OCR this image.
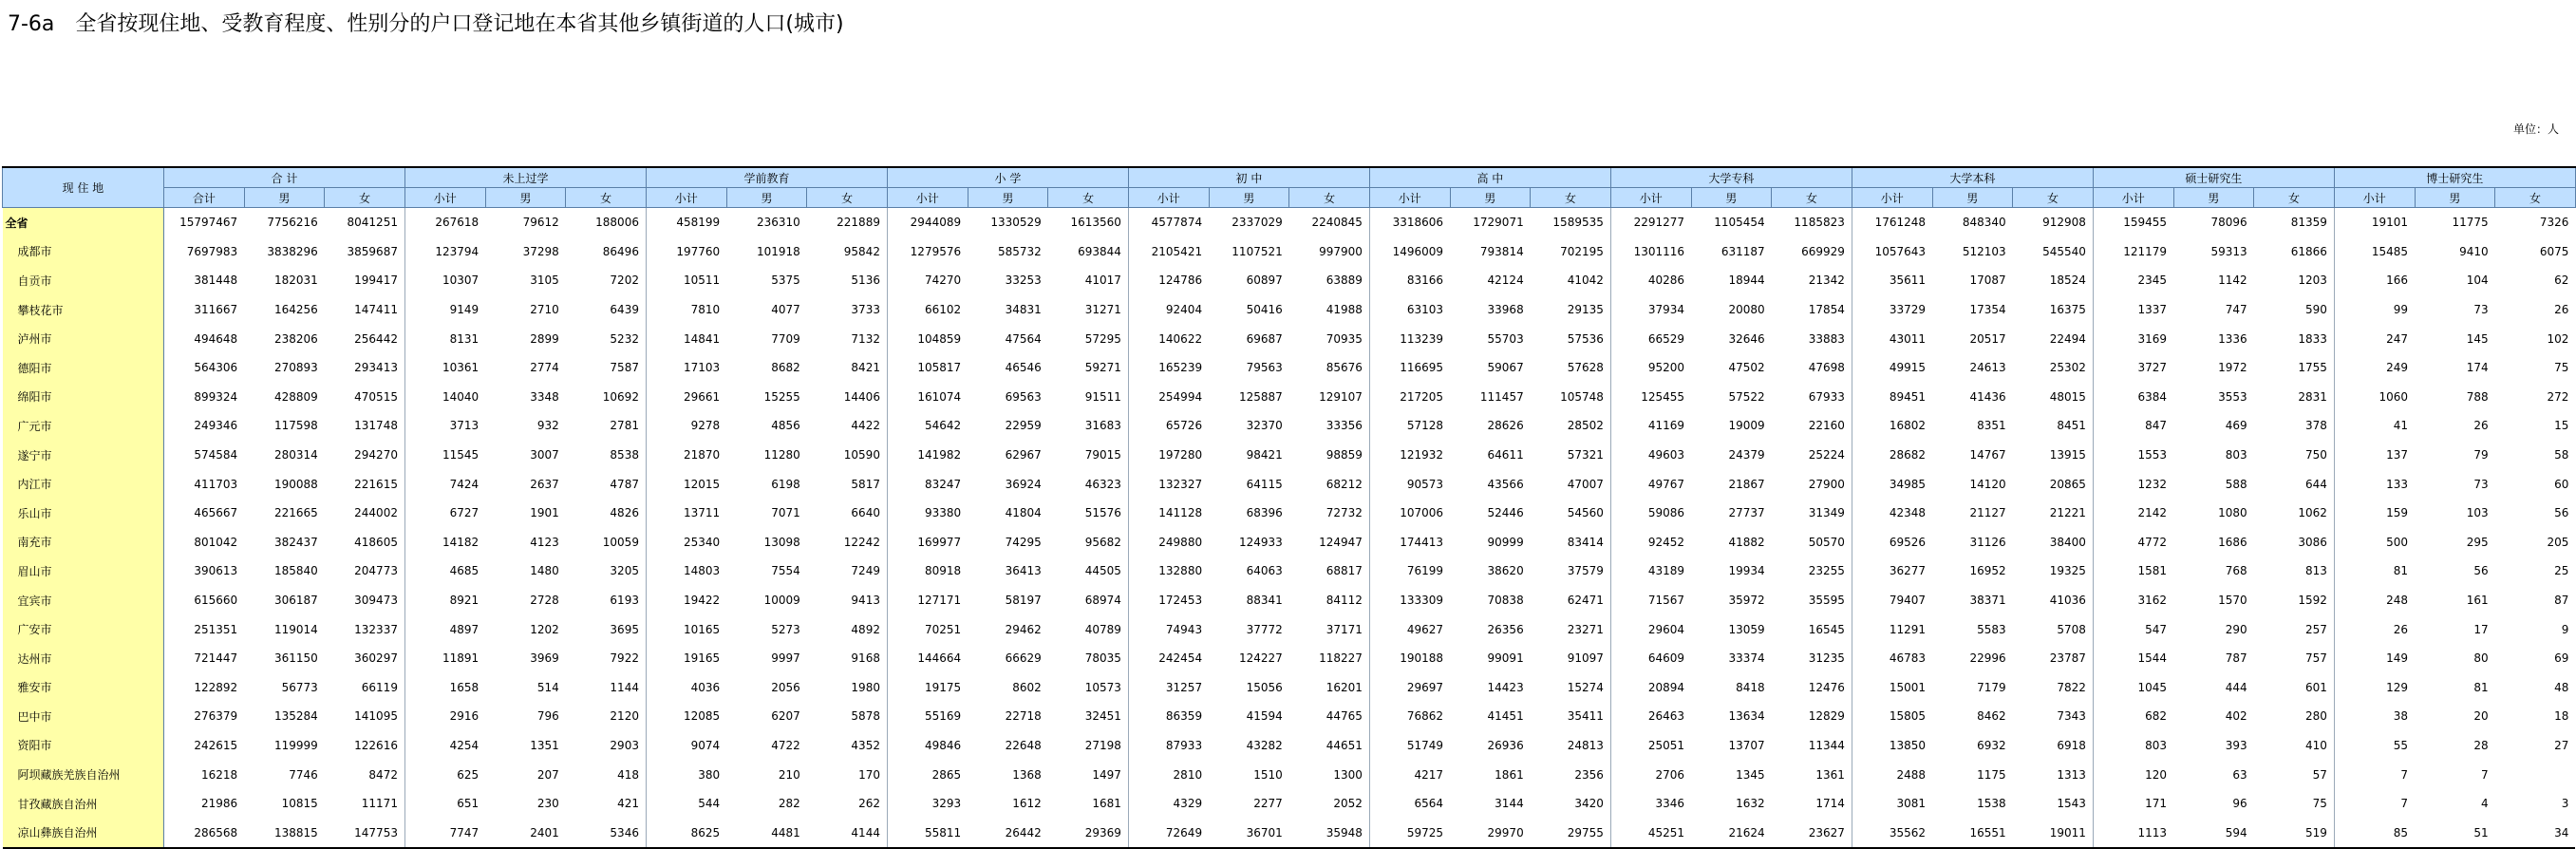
7-6a　全省按现住地、受教育程度、性别分的户口登记地在本省其他乡镇街道的人口(城市)
单位：人
现 住 地	合 计			未上过学			学前教育			小 学			初 中			高 中			大学专科			大学本科			硕士研究生			博士研究生		
	合计	男	女	小计	男	女	小计	男	女	小计	男	女	小计	男	女	小计	男	女	小计	男	女	小计	男	女	小计	男	女	小计	男	女
全省	15797467	7756216	8041251	267618	79612	188006	458199	236310	221889	2944089	1330529	1613560	4577874	2337029	2240845	3318606	1729071	1589535	2291277	1105454	1185823	1761248	848340	912908	159455	78096	81359	19101	11775	7326
成都市	7697983	3838296	3859687	123794	37298	86496	197760	101918	95842	1279576	585732	693844	2105421	1107521	997900	1496009	793814	702195	1301116	631187	669929	1057643	512103	545540	121179	59313	61866	15485	9410	6075
自贡市	381448	182031	199417	10307	3105	7202	10511	5375	5136	74270	33253	41017	124786	60897	63889	83166	42124	41042	40286	18944	21342	35611	17087	18524	2345	1142	1203	166	104	62
攀枝花市	311667	164256	147411	9149	2710	6439	7810	4077	3733	66102	34831	31271	92404	50416	41988	63103	33968	29135	37934	20080	17854	33729	17354	16375	1337	747	590	99	73	26
泸州市	494648	238206	256442	8131	2899	5232	14841	7709	7132	104859	47564	57295	140622	69687	70935	113239	55703	57536	66529	32646	33883	43011	20517	22494	3169	1336	1833	247	145	102
德阳市	564306	270893	293413	10361	2774	7587	17103	8682	8421	105817	46546	59271	165239	79563	85676	116695	59067	57628	95200	47502	47698	49915	24613	25302	3727	1972	1755	249	174	75
绵阳市	899324	428809	470515	14040	3348	10692	29661	15255	14406	161074	69563	91511	254994	125887	129107	217205	111457	105748	125455	57522	67933	89451	41436	48015	6384	3553	2831	1060	788	272
广元市	249346	117598	131748	3713	932	2781	9278	4856	4422	54642	22959	31683	65726	32370	33356	57128	28626	28502	41169	19009	22160	16802	8351	8451	847	469	378	41	26	15
遂宁市	574584	280314	294270	11545	3007	8538	21870	11280	10590	141982	62967	79015	197280	98421	98859	121932	64611	57321	49603	24379	25224	28682	14767	13915	1553	803	750	137	79	58
内江市	411703	190088	221615	7424	2637	4787	12015	6198	5817	83247	36924	46323	132327	64115	68212	90573	43566	47007	49767	21867	27900	34985	14120	20865	1232	588	644	133	73	60
乐山市	465667	221665	244002	6727	1901	4826	13711	7071	6640	93380	41804	51576	141128	68396	72732	107006	52446	54560	59086	27737	31349	42348	21127	21221	2142	1080	1062	159	103	56
南充市	801042	382437	418605	14182	4123	10059	25340	13098	12242	169977	74295	95682	249880	124933	124947	174413	90999	83414	92452	41882	50570	69526	31126	38400	4772	1686	3086	500	295	205
眉山市	390613	185840	204773	4685	1480	3205	14803	7554	7249	80918	36413	44505	132880	64063	68817	76199	38620	37579	43189	19934	23255	36277	16952	19325	1581	768	813	81	56	25
宜宾市	615660	306187	309473	8921	2728	6193	19422	10009	9413	127171	58197	68974	172453	88341	84112	133309	70838	62471	71567	35972	35595	79407	38371	41036	3162	1570	1592	248	161	87
广安市	251351	119014	132337	4897	1202	3695	10165	5273	4892	70251	29462	40789	74943	37772	37171	49627	26356	23271	29604	13059	16545	11291	5583	5708	547	290	257	26	17	9
达州市	721447	361150	360297	11891	3969	7922	19165	9997	9168	144664	66629	78035	242454	124227	118227	190188	99091	91097	64609	33374	31235	46783	22996	23787	1544	787	757	149	80	69
雅安市	122892	56773	66119	1658	514	1144	4036	2056	1980	19175	8602	10573	31257	15056	16201	29697	14423	15274	20894	8418	12476	15001	7179	7822	1045	444	601	129	81	48
巴中市	276379	135284	141095	2916	796	2120	12085	6207	5878	55169	22718	32451	86359	41594	44765	76862	41451	35411	26463	13634	12829	15805	8462	7343	682	402	280	38	20	18
资阳市	242615	119999	122616	4254	1351	2903	9074	4722	4352	49846	22648	27198	87933	43282	44651	51749	26936	24813	25051	13707	11344	13850	6932	6918	803	393	410	55	28	27
阿坝藏族羌族自治州	16218	7746	8472	625	207	418	380	210	170	2865	1368	1497	2810	1510	1300	4217	1861	2356	2706	1345	1361	2488	1175	1313	120	63	57	7	7	
甘孜藏族自治州	21986	10815	11171	651	230	421	544	282	262	3293	1612	1681	4329	2277	2052	6564	3144	3420	3346	1632	1714	3081	1538	1543	171	96	75	7	4	3
凉山彝族自治州	286568	138815	147753	7747	2401	5346	8625	4481	4144	55811	26442	29369	72649	36701	35948	59725	29970	29755	45251	21624	23627	35562	16551	19011	1113	594	519	85	51	34
